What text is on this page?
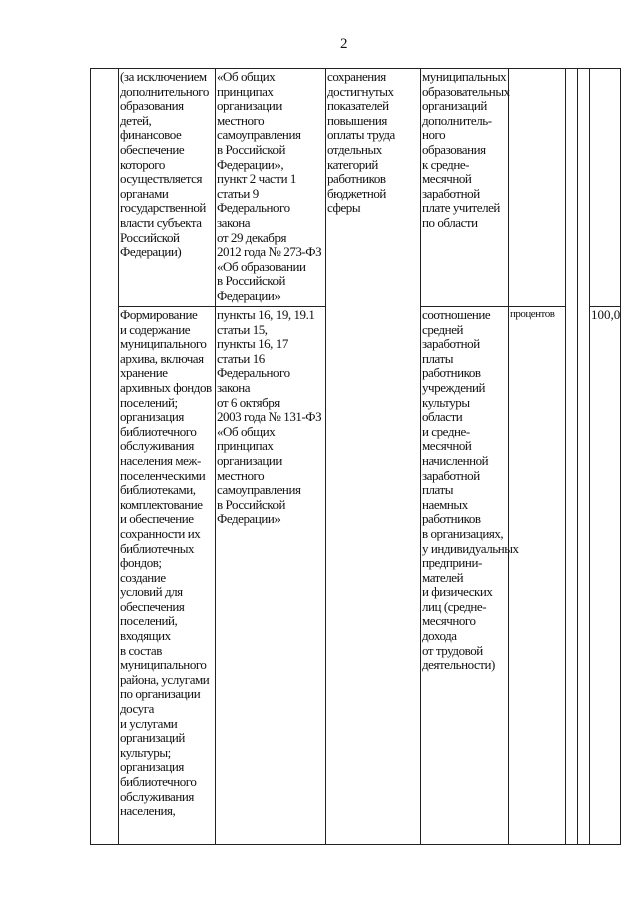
2
(за исключением
дополнительного
образования
детей,
финансовое
обеспечение
которого
осуществляется
органами
государственной
власти субъекта
Российской
Федерации)
«Об общих
принципах
организации
местного
самоуправления
в Российской
Федерации»,
пункт 2 части 1
статьи 9
Федерального
закона
от 29 декабря
2012 года № 273-ФЗ
«Об образовании
в Российской
Федерации»
сохранения
достигнутых
показателей
повышения
оплаты труда
отдельных
категорий
работников
бюджетной
сферы
муниципальных
образовательных
организаций
дополнитель-
ного
образования
к средне-
месячной
заработной
плате учителей
по области
Формирование
и содержание
муниципального
архива, включая
хранение
архивных фондов
поселений;
организация
библиотечного
обслуживания
населения меж-
поселенческими
библиотеками,
комплектование
и обеспечение
сохранности их
библиотечных
фондов;
создание
условий для
обеспечения
поселений,
входящих
в состав
муниципального
района, услугами
по организации
досуга
и услугами
организаций
культуры;
организация
библиотечного
обслуживания
населения,
пункты 16, 19, 19.1
статьи 15,
пункты 16, 17
статьи 16
Федерального
закона
от 6 октября
2003 года № 131-ФЗ
«Об общих
принципах
организации
местного
самоуправления
в Российской
Федерации»
соотношение
средней
заработной
платы
работников
учреждений
культуры
области
и средне-
месячной
начисленной
заработной
платы
наемных
работников
в организациях,
у индивидуальных
предприни-
мателей
и физических
лиц (средне-
месячного
дохода
от трудовой
деятельности)
процентов	100,0
